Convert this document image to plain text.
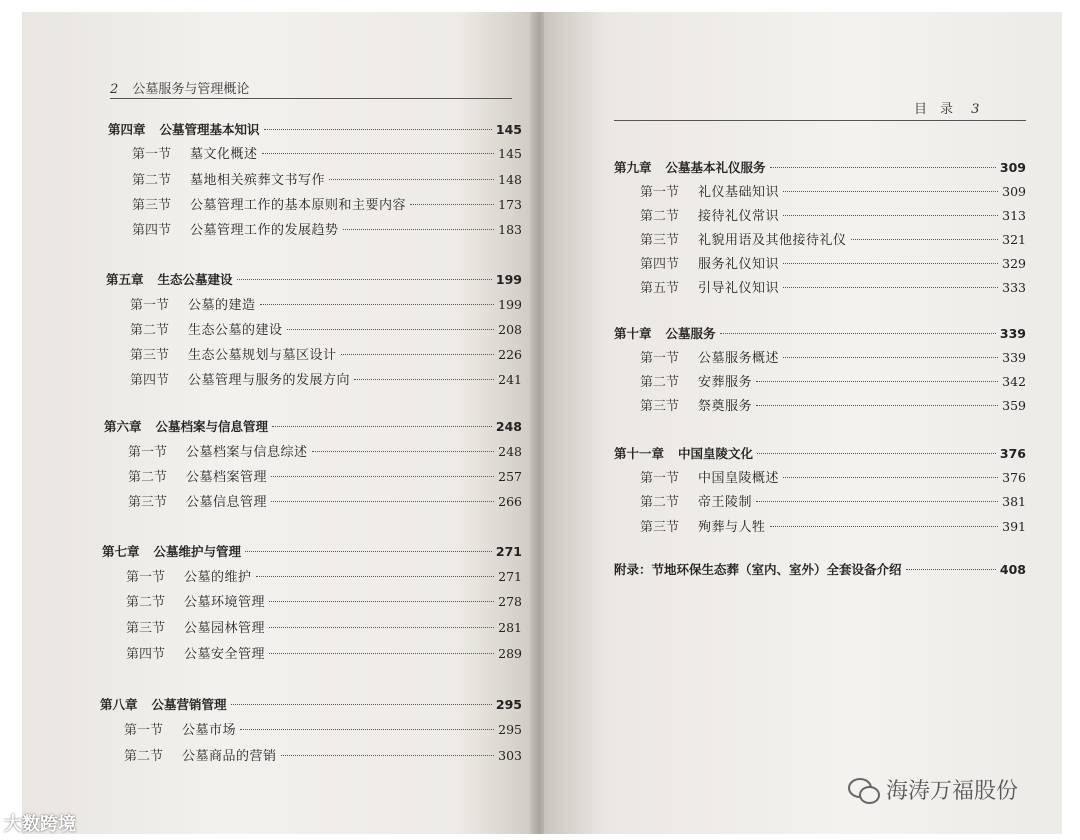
2 公墓服务与管理概论
第四章 公墓管理基本知识	145
第一节	墓文化概述	145
第二节	墓地相关殡葬文书写作	148
第三节	公墓管理工作的基本原则和主要内容	173
第四节	公墓管理工作的发展趋势	183
第五章 生态公墓建设	199
第一节	公墓的建造	199
第二节	生态公墓的建设	208
第三节	生态公墓规划与墓区设计	226
第四节	公墓管理与服务的发展方向	241
第六章 公墓档案与信息管理	248
第一节	公墓档案与信息综述	248
第二节	公墓档案管理	257
第三节	公墓信息管理	266
第七章 公墓维护与管理	271
第一节	公墓的维护	271
第二节	公墓环境管理	278
第三节	公墓园林管理	281
第四节	公墓安全管理	289
第八章 公墓营销管理	295
第一节	公墓市场	295
第二节	公墓商品的营销	303
目　录 3
第九章 公墓基本礼仪服务	309
第一节	礼仪基础知识	309
第二节	接待礼仪常识	313
第三节	礼貌用语及其他接待礼仪	321
第四节	服务礼仪知识	329
第五节	引导礼仪知识	333
第十章 公墓服务	339
第一节	公墓服务概述	339
第二节	安葬服务	342
第三节	祭奠服务	359
第十一章 中国皇陵文化	376
第一节	中国皇陵概述	376
第二节	帝王陵制	381
第三节	殉葬与人牲	391
附录：节地环保生态葬（室内、室外）全套设备介绍	408
大数跨境
海涛万福股份
